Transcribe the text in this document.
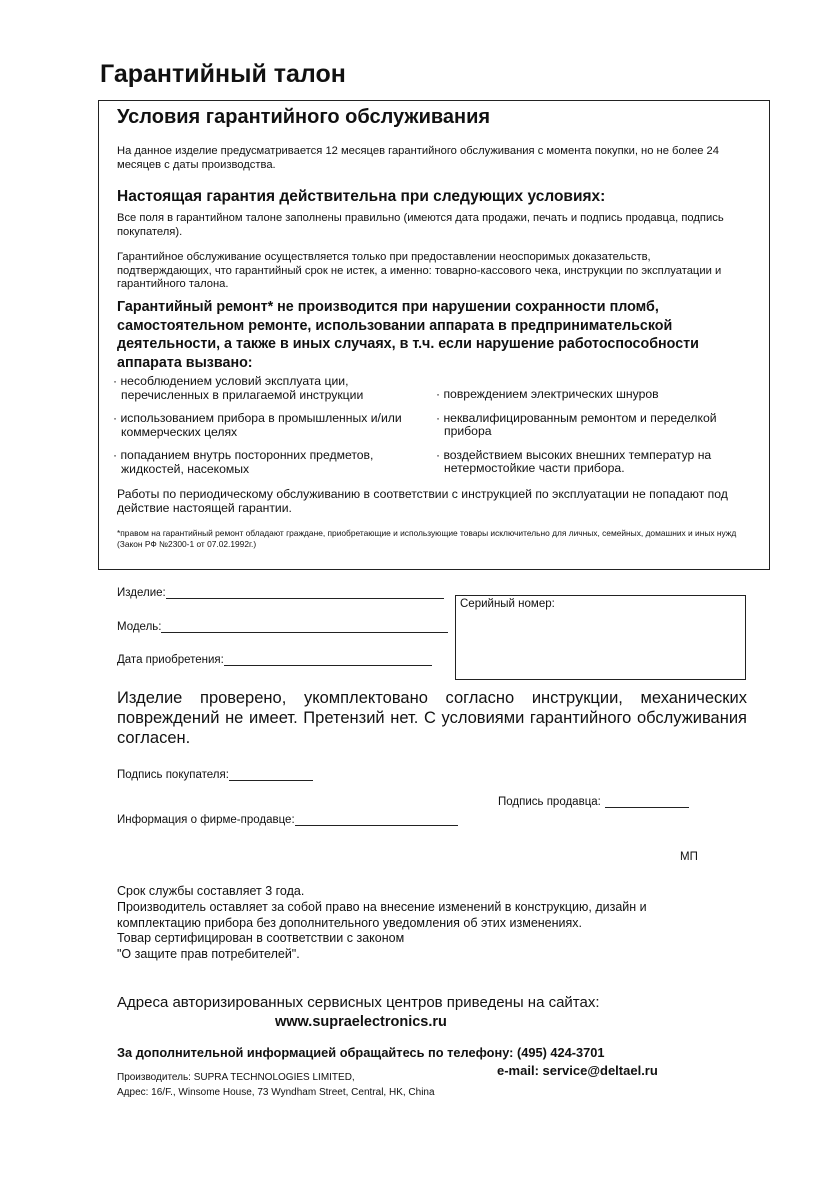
Гарантийный талон
Условия гарантийного обслуживания
На данное изделие предусматривается 12 месяцев гарантийного обслуживания с момента покупки, но не более 24 месяцев с даты производства.
Настоящая гарантия действительна при следующих условиях:
Все поля в гарантийном талоне заполнены правильно (имеются дата продажи, печать и подпись продавца, подпись покупателя).
Гарантийное обслуживание осуществляется только при предоставлении неоспоримых доказательств, подтверждающих, что гарантийный срок не истек, а именно: товарно-кассового чека, инструкции по эксплуатации и гарантийного талона.
Гарантийный ремонт* не производится при нарушении сохранности пломб, самостоятельном ремонте, использовании аппарата в предпринимательской деятельности, а также в иных случаях, в т.ч. если нарушение работоспособности аппарата вызвано:
· несоблюдением условий эксплуата ции, перечисленных в прилагаемой инструкции
· использованием прибора в промышленных и/или коммерческих целях
· попаданием внутрь посторонних предметов, жидкостей, насекомых
· повреждением электрических шнуров
· неквалифицированным ремонтом и переделкой прибора
· воздействием высоких внешних температур на нетермостойкие части прибора.
Работы по периодическому обслуживанию в соответствии с инструкцией по эксплуатации не попадают под действие настоящей гарантии.
*правом на гарантийный ремонт обладают граждане, приобретающие и использующие товары исключительно для личных, семейных, домашних и иных нужд (Закон РФ №2300-1 от 07.02.1992г.)
Изделие:
Модель:
Дата приобретения:
Серийный номер:
Изделие проверено, укомплектовано согласно инструкции, механических повреждений не имеет. Претензий нет. С условиями гарантийного обслуживания согласен.
Подпись покупателя:
Подпись продавца:
Информация о фирме-продавце:
МП
Срок службы составляет 3 года.
Производитель оставляет за собой право на внесение изменений в конструкцию, дизайн и комплектацию прибора без дополнительного уведомления об этих изменениях.
Товар сертифицирован в соответствии с законом
"О защите прав потребителей".
Адреса авторизированных сервисных центров приведены на сайтах:
www.supraelectronics.ru
За дополнительной информацией обращайтесь по телефону: (495) 424-3701
e-mail: service@deltael.ru
Производитель: SUPRA TECHNOLOGIES LIMITED,
Адрес: 16/F., Winsome House, 73 Wyndham Street, Central, HK, China
